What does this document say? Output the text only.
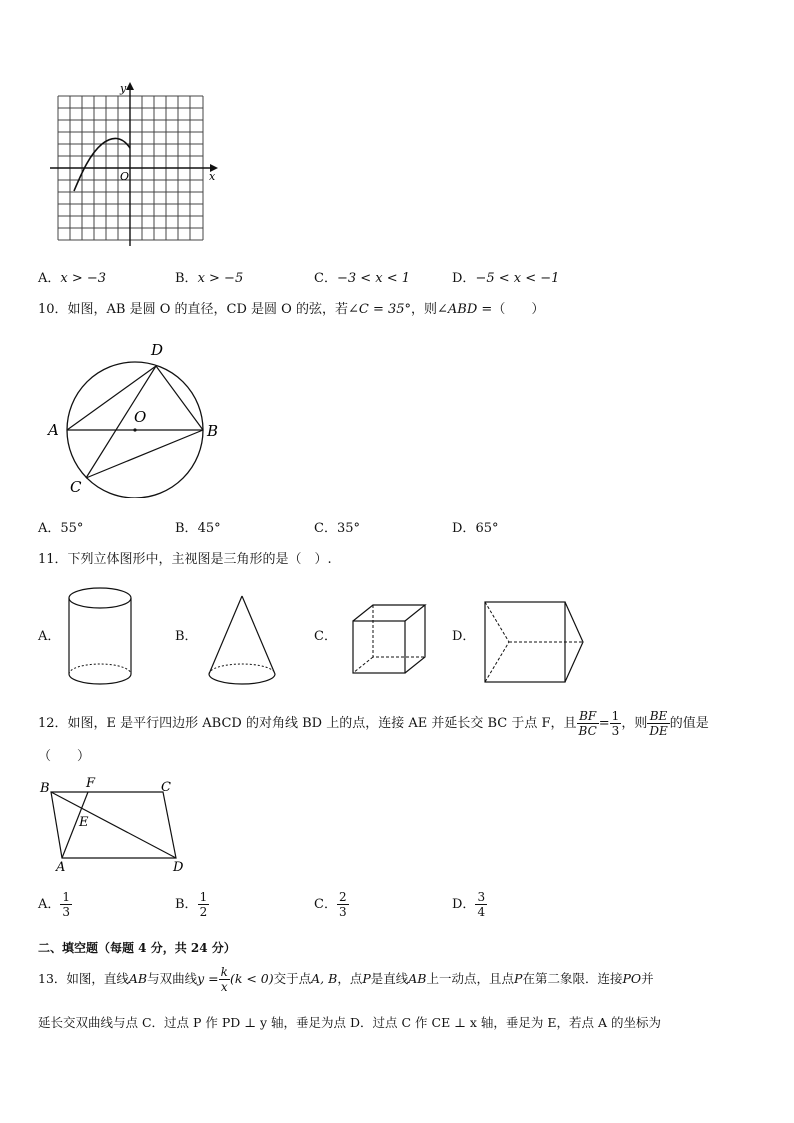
x
y
O
A．x > −3	B．x > −5	C．−3 < x < 1	D．−5 < x < −1
10．如图，AB 是圆 O 的直径，CD 是圆 O 的弦，若∠C = 35°，则∠ABD =（　　）
A	B
C
D
O
A．55°	B．45°	C．35°	D．65°
11．下列立体图形中，主视图是三角形的是（　）.
A．	B．	C．	D．
12．如图，E 是平行四边形 ABCD 的对角线 BD 上的点，连接 AE 并延长交 BC 于点 F，且 $\frac{BF}{BC} = \frac{1}{3}$ ，则 $\frac{BE}{DE}$ 的值是
（　　）
B	F	C
E
A	D
A． $\frac{1}{3}$	B． $\frac{1}{2}$	C． $\frac{2}{3}$	D． $\frac{3}{4}$
二、填空题（每题 4 分，共 24 分）
13．如图，直线AB与双曲线$y = \frac{k}{x} (k < 0)$交于点A, B，点P是直线AB上一动点，且点P在第二象限．连接PO并
延长交双曲线与点 C．过点 P 作 PD ⊥ y 轴，垂足为点 D．过点 C 作 CE ⊥ x 轴，垂足为 E，若点 A 的坐标为
